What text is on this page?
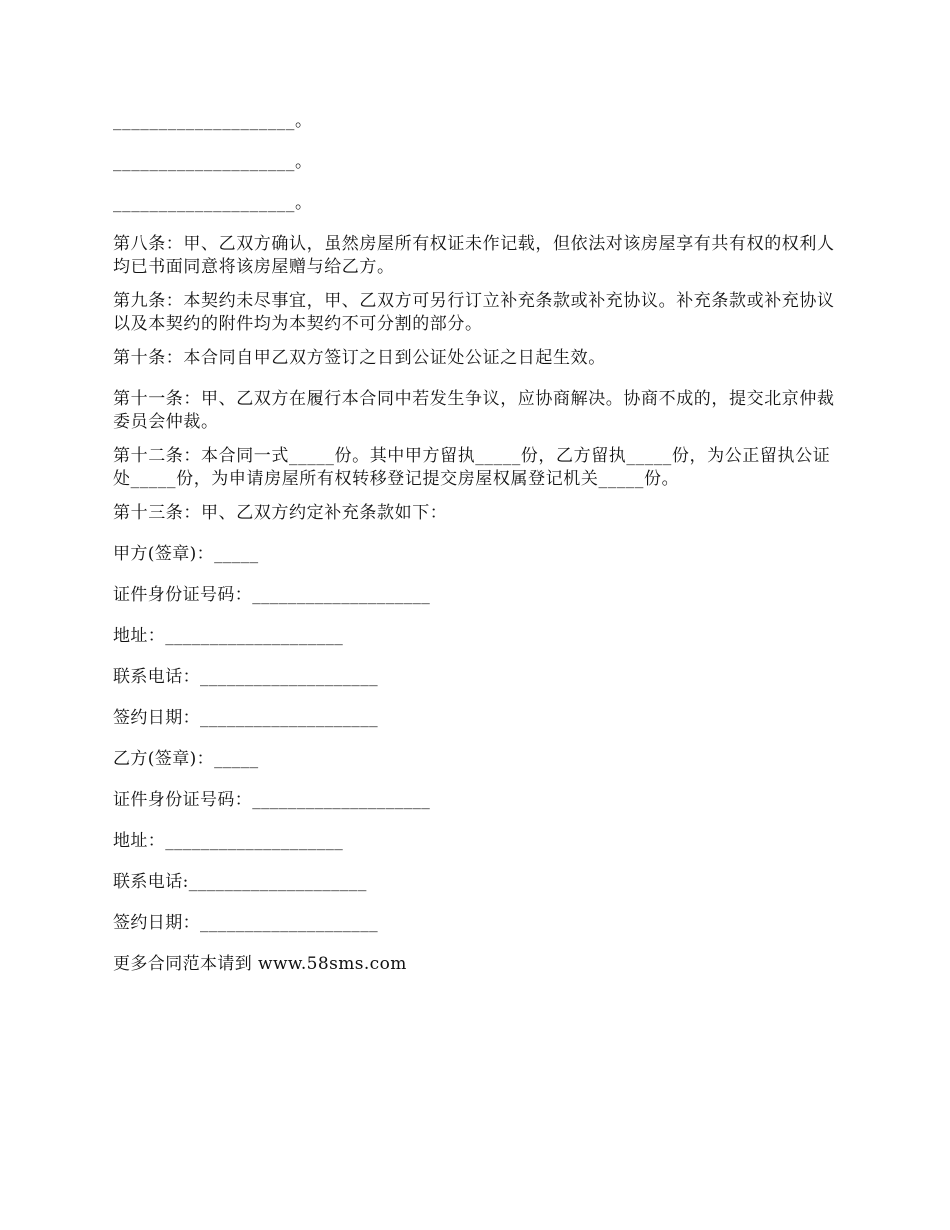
____________________。

____________________。

____________________。

第八条：甲、乙双方确认，虽然房屋所有权证未作记载，但依法对该房屋享有共有权的权利人均已书面同意将该房屋赠与给乙方。

第九条：本契约未尽事宜，甲、乙双方可另行订立补充条款或补充协议。补充条款或补充协议以及本契约的附件均为本契约不可分割的部分。

第十条：本合同自甲乙双方签订之日到公证处公证之日起生效。

第十一条：甲、乙双方在履行本合同中若发生争议，应协商解决。协商不成的，提交北京仲裁委员会仲裁。

第十二条：本合同一式_____份。其中甲方留执_____份，乙方留执_____份，为公正留执公证处_____份，为申请房屋所有权转移登记提交房屋权属登记机关_____份。

第十三条：甲、乙双方约定补充条款如下：

甲方(签章)：_____

证件身份证号码：____________________

地址：____________________

联系电话：____________________

签约日期：____________________

乙方(签章)：_____

证件身份证号码：____________________

地址：____________________

联系电话:____________________

签约日期：____________________

更多合同范本请到 www.58sms.com
